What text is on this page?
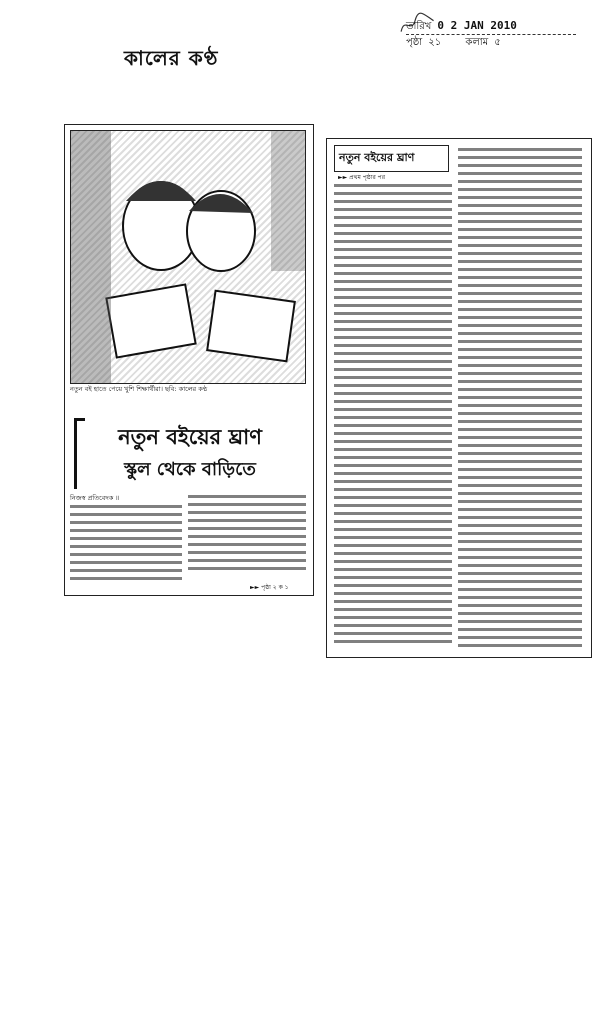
তারিখ 0 2 JAN 2010
পৃষ্ঠা ২১ কলাম ৫
কালের কণ্ঠ
নতুন বই হাতে পেয়ে খুশি শিক্ষার্থীরা। ছবি: কালের কণ্ঠ
নতুন বইয়ের ঘ্রাণ
স্কুল থেকে বাড়িতে
নিজস্ব প্রতিবেদক ॥
►► পৃষ্ঠা ২ ক ১
নতুন বইয়ের ঘ্রাণ
►► প্রথম পৃষ্ঠার পর
